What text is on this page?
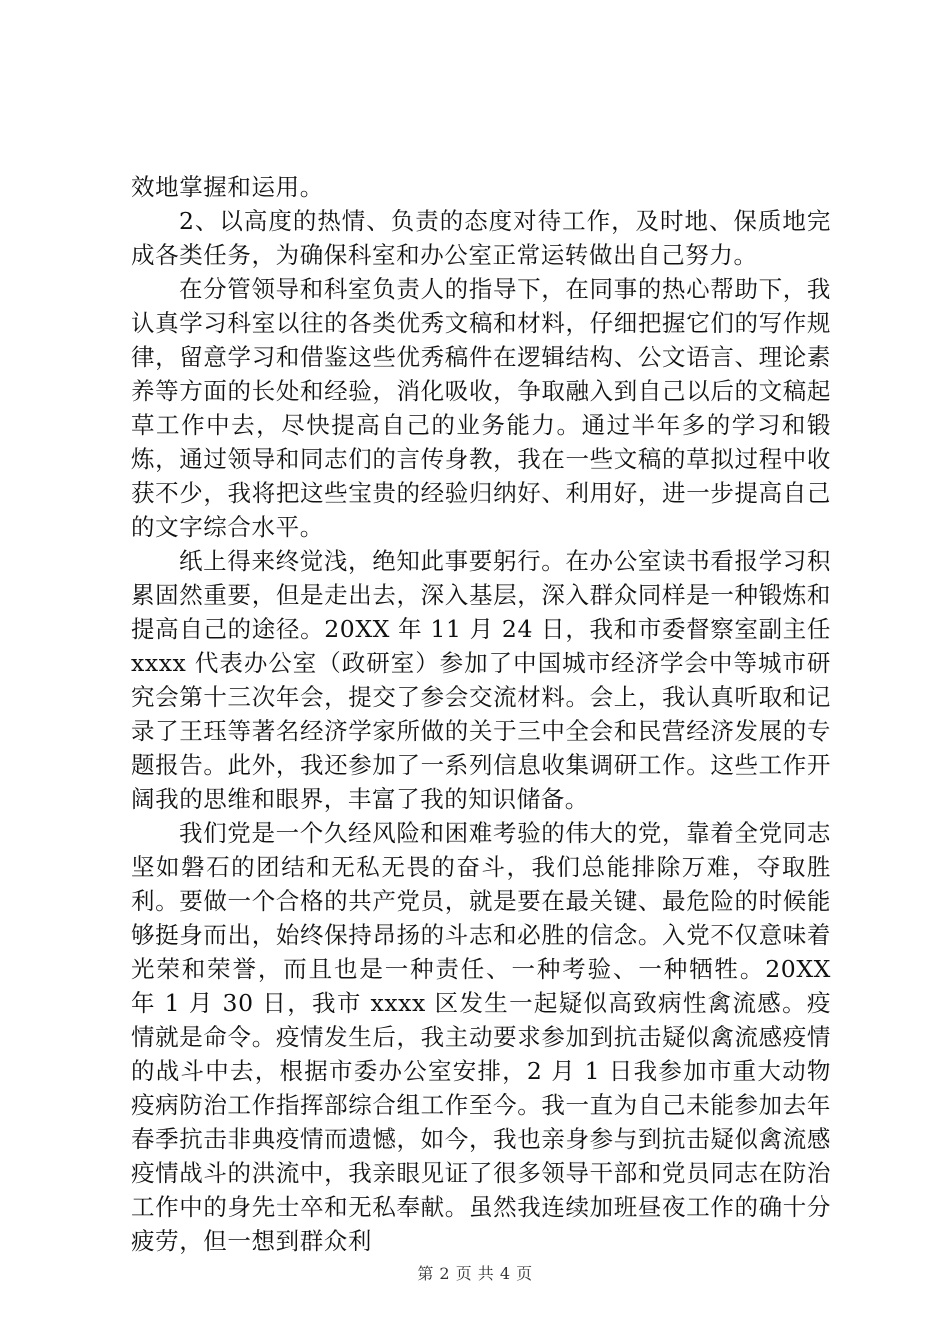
效地掌握和运用。

2、以高度的热情、负责的态度对待工作，及时地、保质地完成各类任务，为确保科室和办公室正常运转做出自己努力。

在分管领导和科室负责人的指导下，在同事的热心帮助下，我认真学习科室以往的各类优秀文稿和材料，仔细把握它们的写作规律，留意学习和借鉴这些优秀稿件在逻辑结构、公文语言、理论素养等方面的长处和经验，消化吸收，争取融入到自己以后的文稿起草工作中去，尽快提高自己的业务能力。通过半年多的学习和锻炼，通过领导和同志们的言传身教，我在一些文稿的草拟过程中收获不少，我将把这些宝贵的经验归纳好、利用好，进一步提高自己的文字综合水平。

纸上得来终觉浅，绝知此事要躬行。在办公室读书看报学习积累固然重要，但是走出去，深入基层，深入群众同样是一种锻炼和提高自己的途径。20XX 年 11 月 24 日，我和市委督察室副主任 xxxx 代表办公室（政研室）参加了中国城市经济学会中等城市研究会第十三次年会，提交了参会交流材料。会上，我认真听取和记录了王珏等著名经济学家所做的关于三中全会和民营经济发展的专题报告。此外，我还参加了一系列信息收集调研工作。这些工作开阔我的思维和眼界，丰富了我的知识储备。

我们党是一个久经风险和困难考验的伟大的党，靠着全党同志坚如磐石的团结和无私无畏的奋斗，我们总能排除万难，夺取胜利。要做一个合格的共产党员，就是要在最关键、最危险的时候能够挺身而出，始终保持昂扬的斗志和必胜的信念。入党不仅意味着光荣和荣誉，而且也是一种责任、一种考验、一种牺牲。20XX 年 1 月 30 日，我市 xxxx 区发生一起疑似高致病性禽流感。疫情就是命令。疫情发生后，我主动要求参加到抗击疑似禽流感疫情的战斗中去，根据市委办公室安排，2 月 1 日我参加市重大动物疫病防治工作指挥部综合组工作至今。我一直为自己未能参加去年春季抗击非典疫情而遗憾，如今，我也亲身参与到抗击疑似禽流感疫情战斗的洪流中，我亲眼见证了很多领导干部和党员同志在防治工作中的身先士卒和无私奉献。虽然我连续加班昼夜工作的确十分疲劳，但一想到群众利

第 2 页 共 4 页
